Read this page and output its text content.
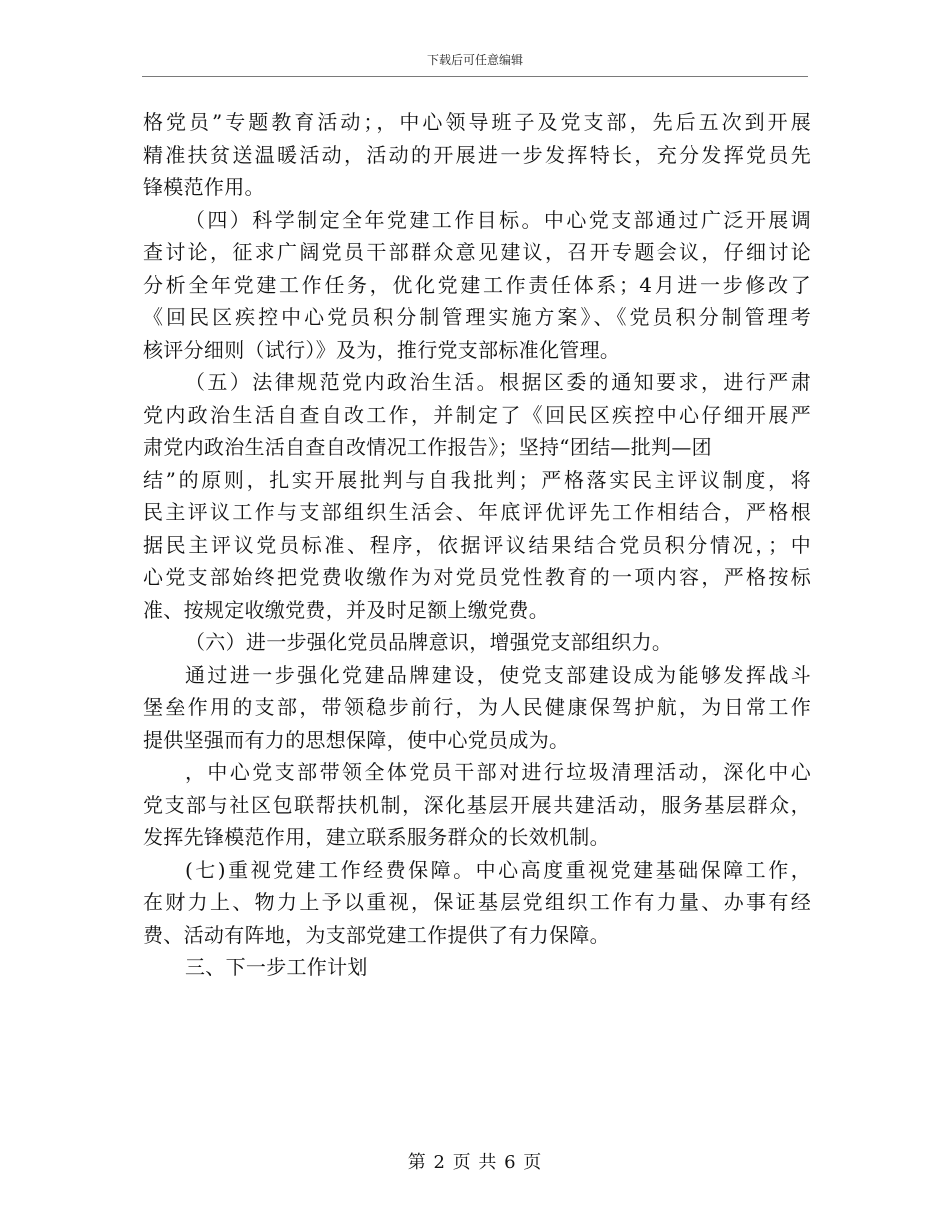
下载后可任意编辑
格党员”专题教育活动；，中心领导班子及党支部，先后五次到开展
精准扶贫送温暖活动，活动的开展进一步发挥特长，充分发挥党员先
锋模范作用。
（四）科学制定全年党建工作目标。中心党支部通过广泛开展调
查讨论，征求广阔党员干部群众意见建议，召开专题会议，仔细讨论
分析全年党建工作任务，优化党建工作责任体系；4月进一步修改了
《回民区疾控中心党员积分制管理实施方案》、《党员积分制管理考
核评分细则（试行）》及为，推行党支部标准化管理。
（五）法律规范党内政治生活。根据区委的通知要求，进行严肃
党内政治生活自查自改工作，并制定了《回民区疾控中心仔细开展严
肃党内政治生活自查自改情况工作报告》；坚持“团结—批判—团
结”的原则，扎实开展批判与自我批判；严格落实民主评议制度，将
民主评议工作与支部组织生活会、年底评优评先工作相结合，严格根
据民主评议党员标准、程序，依据评议结果结合党员积分情况，；中
心党支部始终把党费收缴作为对党员党性教育的一项内容，严格按标
准、按规定收缴党费，并及时足额上缴党费。
（六）进一步强化党员品牌意识，增强党支部组织力。
通过进一步强化党建品牌建设，使党支部建设成为能够发挥战斗
堡垒作用的支部，带领稳步前行，为人民健康保驾护航，为日常工作
提供坚强而有力的思想保障，使中心党员成为。
，中心党支部带领全体党员干部对进行垃圾清理活动，深化中心
党支部与社区包联帮扶机制，深化基层开展共建活动，服务基层群众，
发挥先锋模范作用，建立联系服务群众的长效机制。
(七)重视党建工作经费保障。中心高度重视党建基础保障工作，
在财力上、物力上予以重视，保证基层党组织工作有力量、办事有经
费、活动有阵地，为支部党建工作提供了有力保障。
三、下一步工作计划
第 2 页 共 6 页
